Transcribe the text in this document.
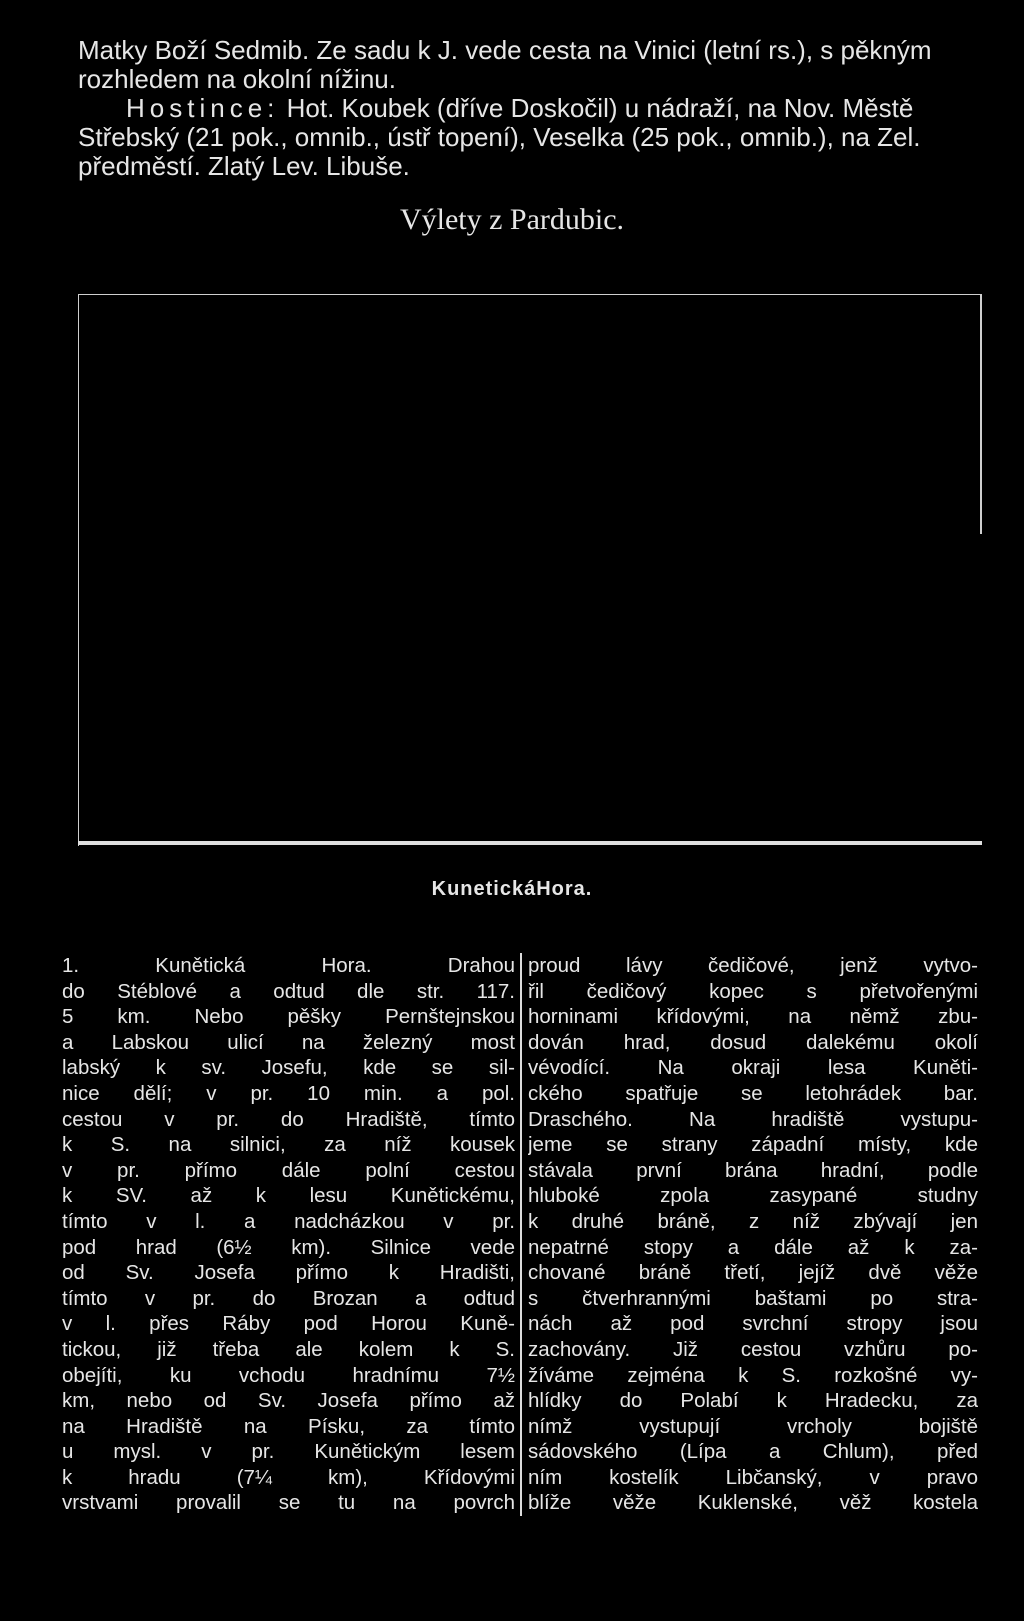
Matky Boží Sedmib. Ze sadu k J. vede cesta na Vinici (letní rs.), s pěkným rozhledem na okolní nížinu.

Hostince: Hot. Koubek (dříve Doskočil) u nádraží, na Nov. Městě Střebský (21 pok., omnib., ústř topení), Veselka (25 pok., omnib.), na Zel. předměstí. Zlatý Lev. Libuše.

Výlety z Pardubic.
KunetickáHora.
1. Kunětická Hora. Drahou
do Stéblové a odtud dle str. 117.
5 km. Nebo pěšky Pernštejnskou
a Labskou ulicí na železný most
labský k sv. Josefu, kde se sil-
nice dělí; v pr. 10 min. a pol.
cestou v pr. do Hradiště, tímto
k S. na silnici, za níž kousek
v pr. přímo dále polní cestou
k SV. až k lesu Kunětickému,
tímto v l. a nadcházkou v pr.
pod hrad (6½ km). Silnice vede
od Sv. Josefa přímo k Hradišti,
tímto v pr. do Brozan a odtud
v l. přes Ráby pod Horou Kuně-
tickou, již třeba ale kolem k S.
obejíti, ku vchodu hradnímu 7½
km, nebo od Sv. Josefa přímo až
na Hradiště na Písku, za tímto
u mysl. v pr. Kunětickým lesem
k hradu (7¼ km), Křídovými
vrstvami provalil se tu na povrch
proud lávy čedičové, jenž vytvo-
řil čedičový kopec s přetvořenými
horninami křídovými, na němž zbu-
dován hrad, dosud dalekému okolí
vévodící. Na okraji lesa Kuněti-
ckého spatřuje se letohrádek bar.
Draschého. Na hradiště vystupu-
jeme se strany západní místy, kde
stávala první brána hradní, podle
hluboké zpola zasypané studny
k druhé bráně, z níž zbývají jen
nepatrné stopy a dále až k za-
chované bráně třetí, jejíž dvě věže
s čtverhrannými baštami po stra-
nách až pod svrchní stropy jsou
zachovány. Již cestou vzhůru po-
žíváme zejména k S. rozkošné vy-
hlídky do Polabí k Hradecku, za
nímž vystupují vrcholy bojiště
sádovského (Lípa a Chlum), před
ním kostelík Libčanský, v pravo
blíže věže Kuklenské, věž kostela
